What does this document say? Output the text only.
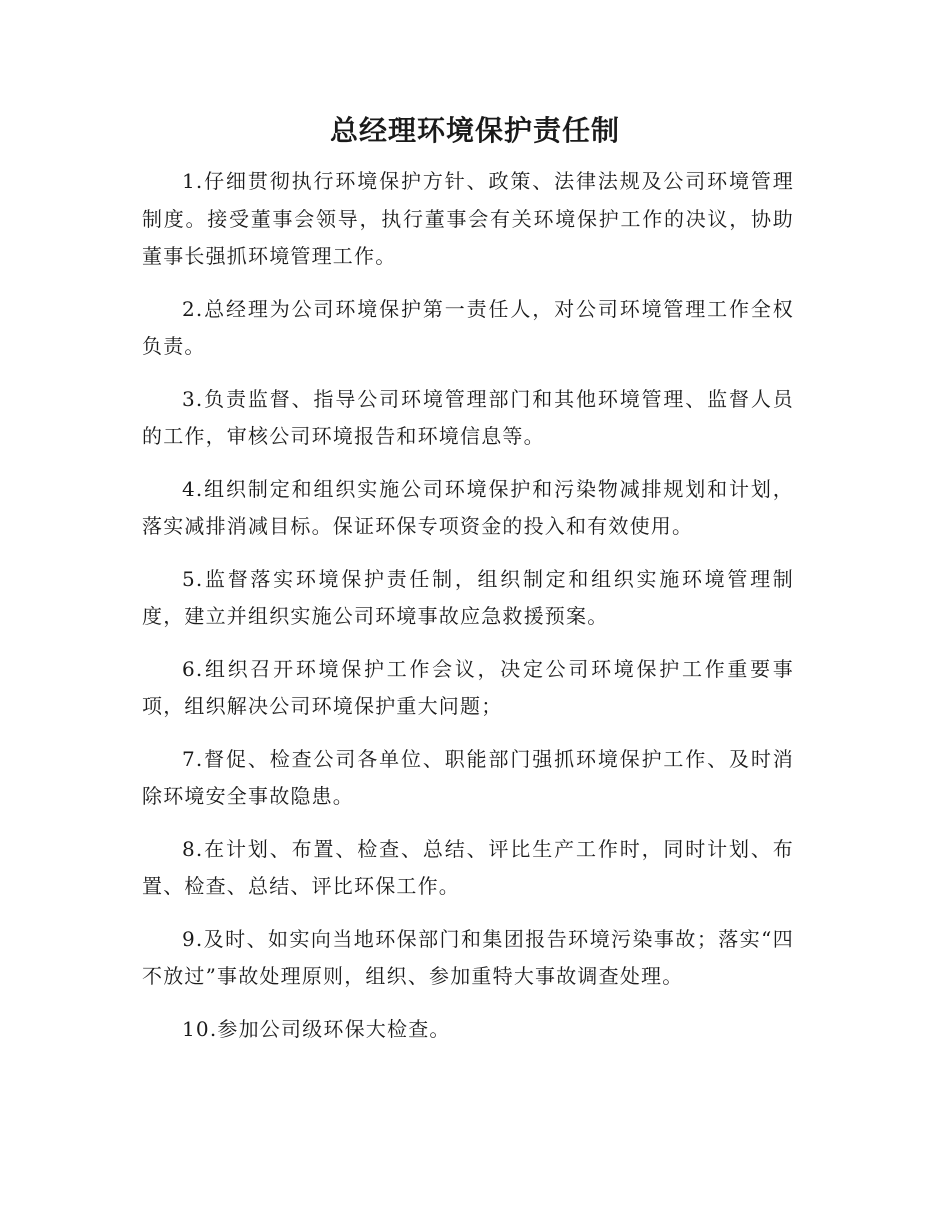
总经理环境保护责任制

1.仔细贯彻执行环境保护方针、政策、法律法规及公司环境管理制度。接受董事会领导，执行董事会有关环境保护工作的决议，协助董事长强抓环境管理工作。

2.总经理为公司环境保护第一责任人，对公司环境管理工作全权负责。

3.负责监督、指导公司环境管理部门和其他环境管理、监督人员的工作，审核公司环境报告和环境信息等。

4.组织制定和组织实施公司环境保护和污染物减排规划和计划，落实减排消减目标。保证环保专项资金的投入和有效使用。

5.监督落实环境保护责任制，组织制定和组织实施环境管理制度，建立并组织实施公司环境事故应急救援预案。

6.组织召开环境保护工作会议，决定公司环境保护工作重要事项，组织解决公司环境保护重大问题；

7.督促、检查公司各单位、职能部门强抓环境保护工作、及时消除环境安全事故隐患。

8.在计划、布置、检查、总结、评比生产工作时，同时计划、布置、检查、总结、评比环保工作。

9.及时、如实向当地环保部门和集团报告环境污染事故；落实“四不放过”事故处理原则，组织、参加重特大事故调查处理。

10.参加公司级环保大检查。
